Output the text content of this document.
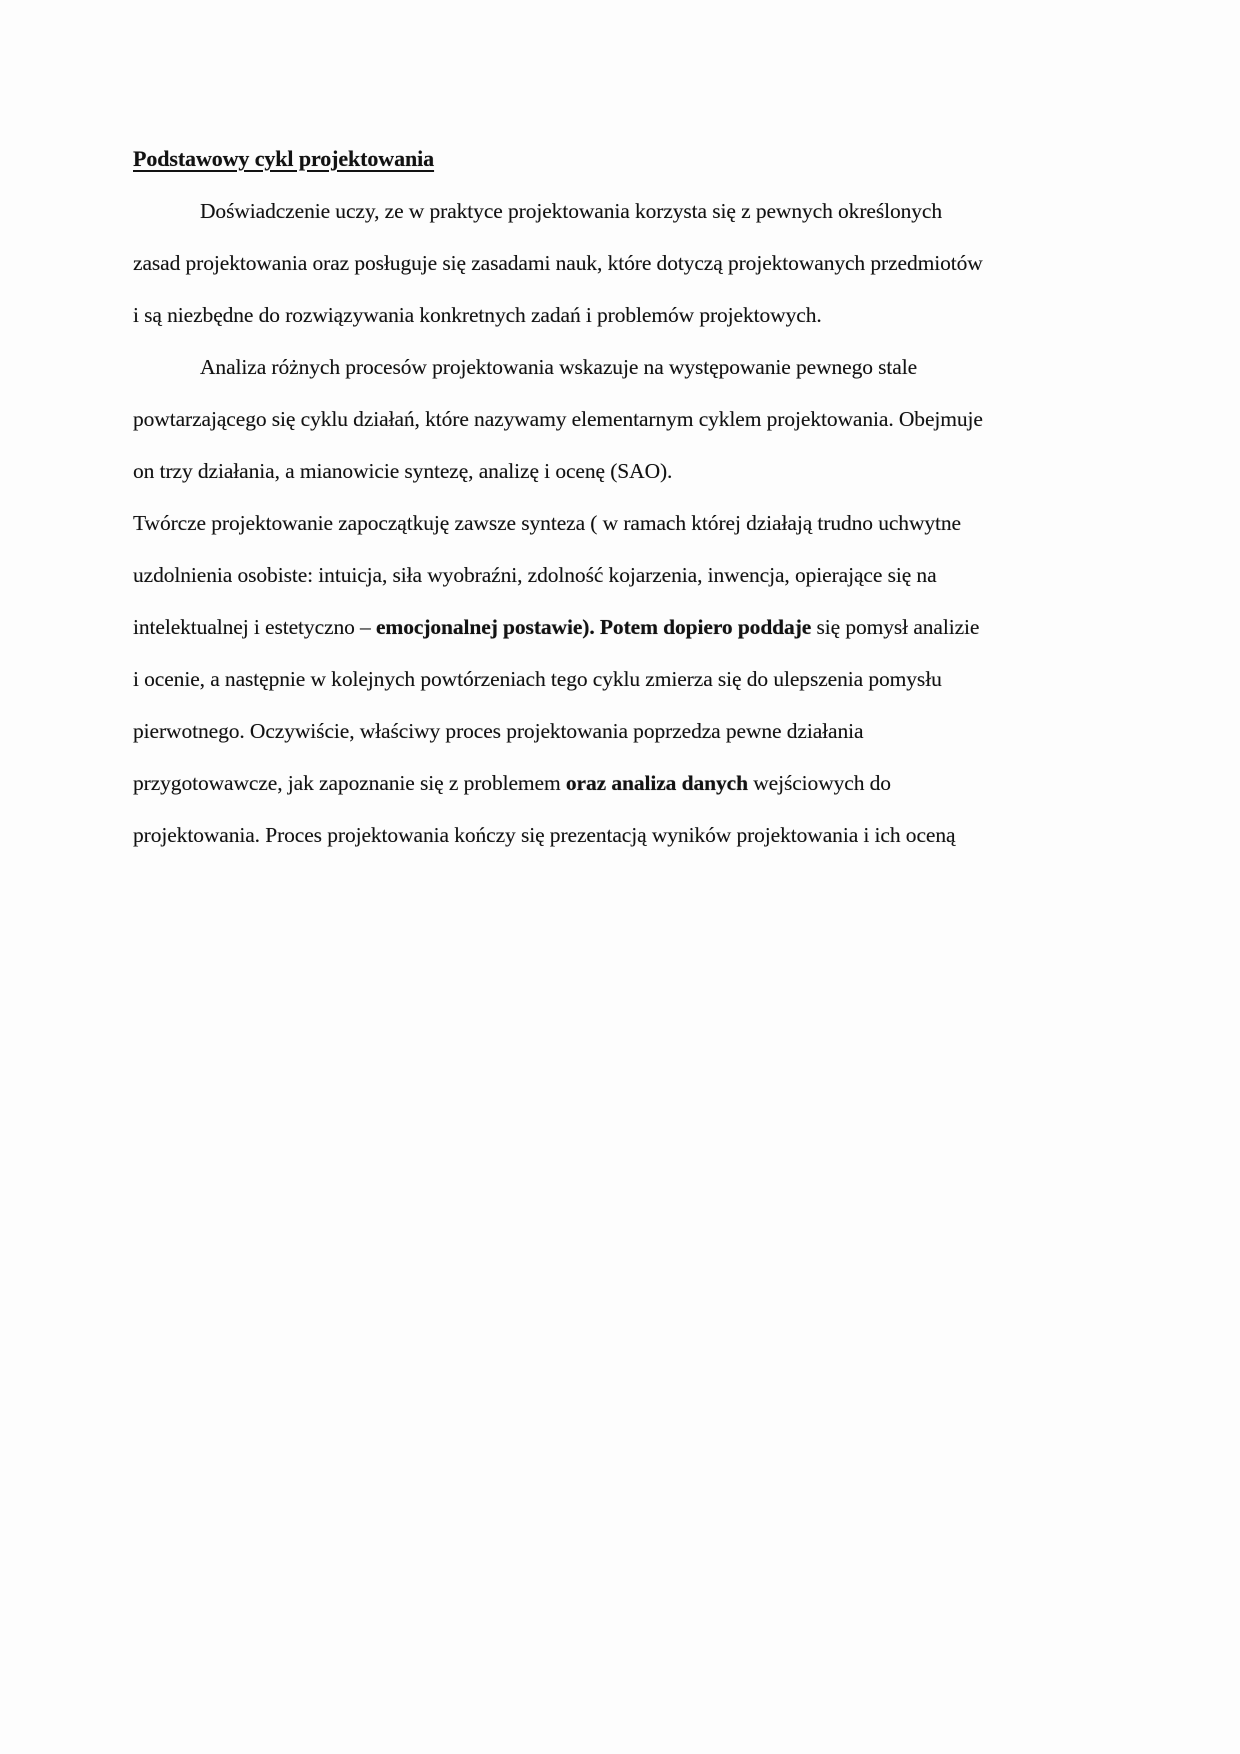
Podstawowy cykl projektowania

Doświadczenie uczy, ze w praktyce projektowania korzysta się z pewnych określonych zasad projektowania oraz posługuje się zasadami nauk, które dotyczą projektowanych przedmiotów i są niezbędne do rozwiązywania konkretnych zadań i problemów projektowych.

Analiza różnych procesów projektowania wskazuje na występowanie pewnego stale powtarzającego się cyklu działań, które nazywamy elementarnym cyklem projektowania. Obejmuje on trzy działania, a mianowicie syntezę, analizę i ocenę (SAO).

Twórcze projektowanie zapoczątkuję zawsze synteza ( w ramach której działają trudno uchwytne uzdolnienia osobiste: intuicja, siła wyobraźni, zdolność kojarzenia, inwencja, opierające się na intelektualnej i estetyczno – emocjonalnej postawie). Potem dopiero poddaje się pomysł analizie i ocenie, a następnie w kolejnych powtórzeniach tego cyklu zmierza się do ulepszenia pomysłu pierwotnego. Oczywiście, właściwy proces projektowania poprzedza pewne działania przygotowawcze, jak zapoznanie się z problemem oraz analiza danych wejściowych do projektowania. Proces projektowania kończy się prezentacją wyników projektowania i ich oceną
